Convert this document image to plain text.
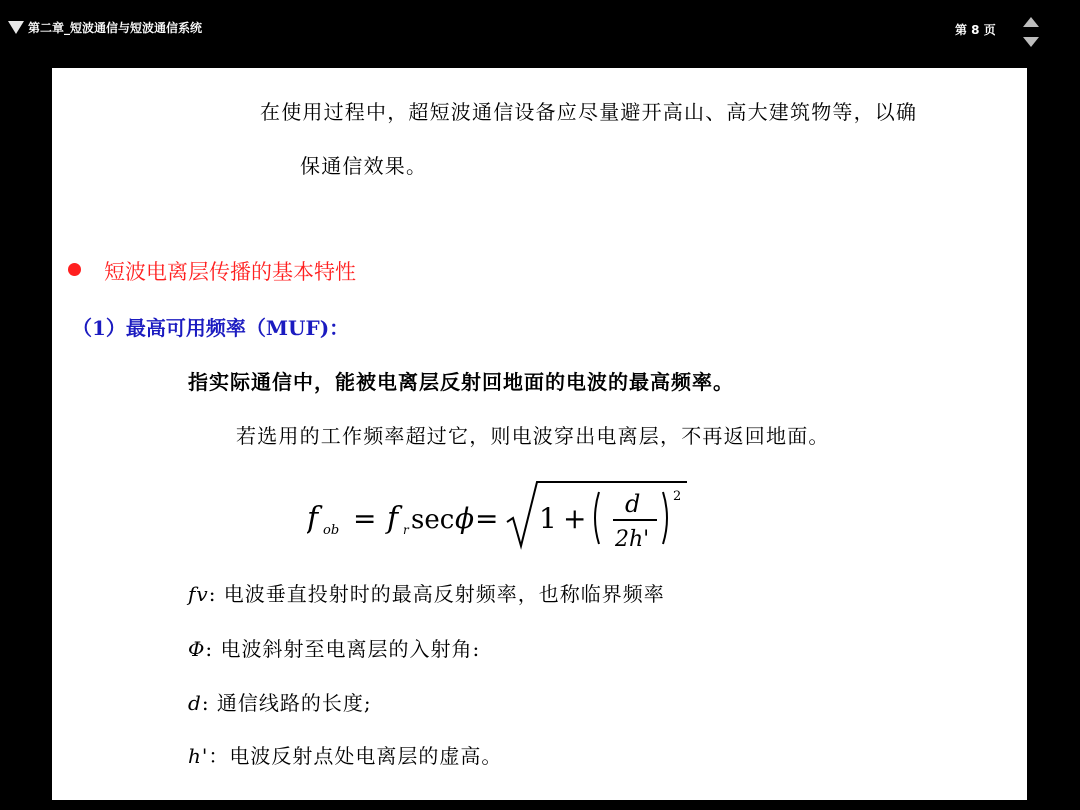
第二章_短波通信与短波通信系统	第 8 页
在使用过程中，超短波通信设备应尽量避开高山、高大建筑物等，以确
保通信效果。
短波电离层传播的基本特性
（1）最高可用频率（MUF)：
指实际通信中，能被电离层反射回地面的电波的最高频率。
若选用的工作频率超过它，则电波穿出电离层，不再返回地面。
f ob = f r sec ϕ = 1 + d
2h'
2
fv: 电波垂直投射时的最高反射频率，也称临界频率
Φ: 电波斜射至电离层的入射角:
d: 通信线路的长度;
h'：电波反射点处电离层的虚高。
